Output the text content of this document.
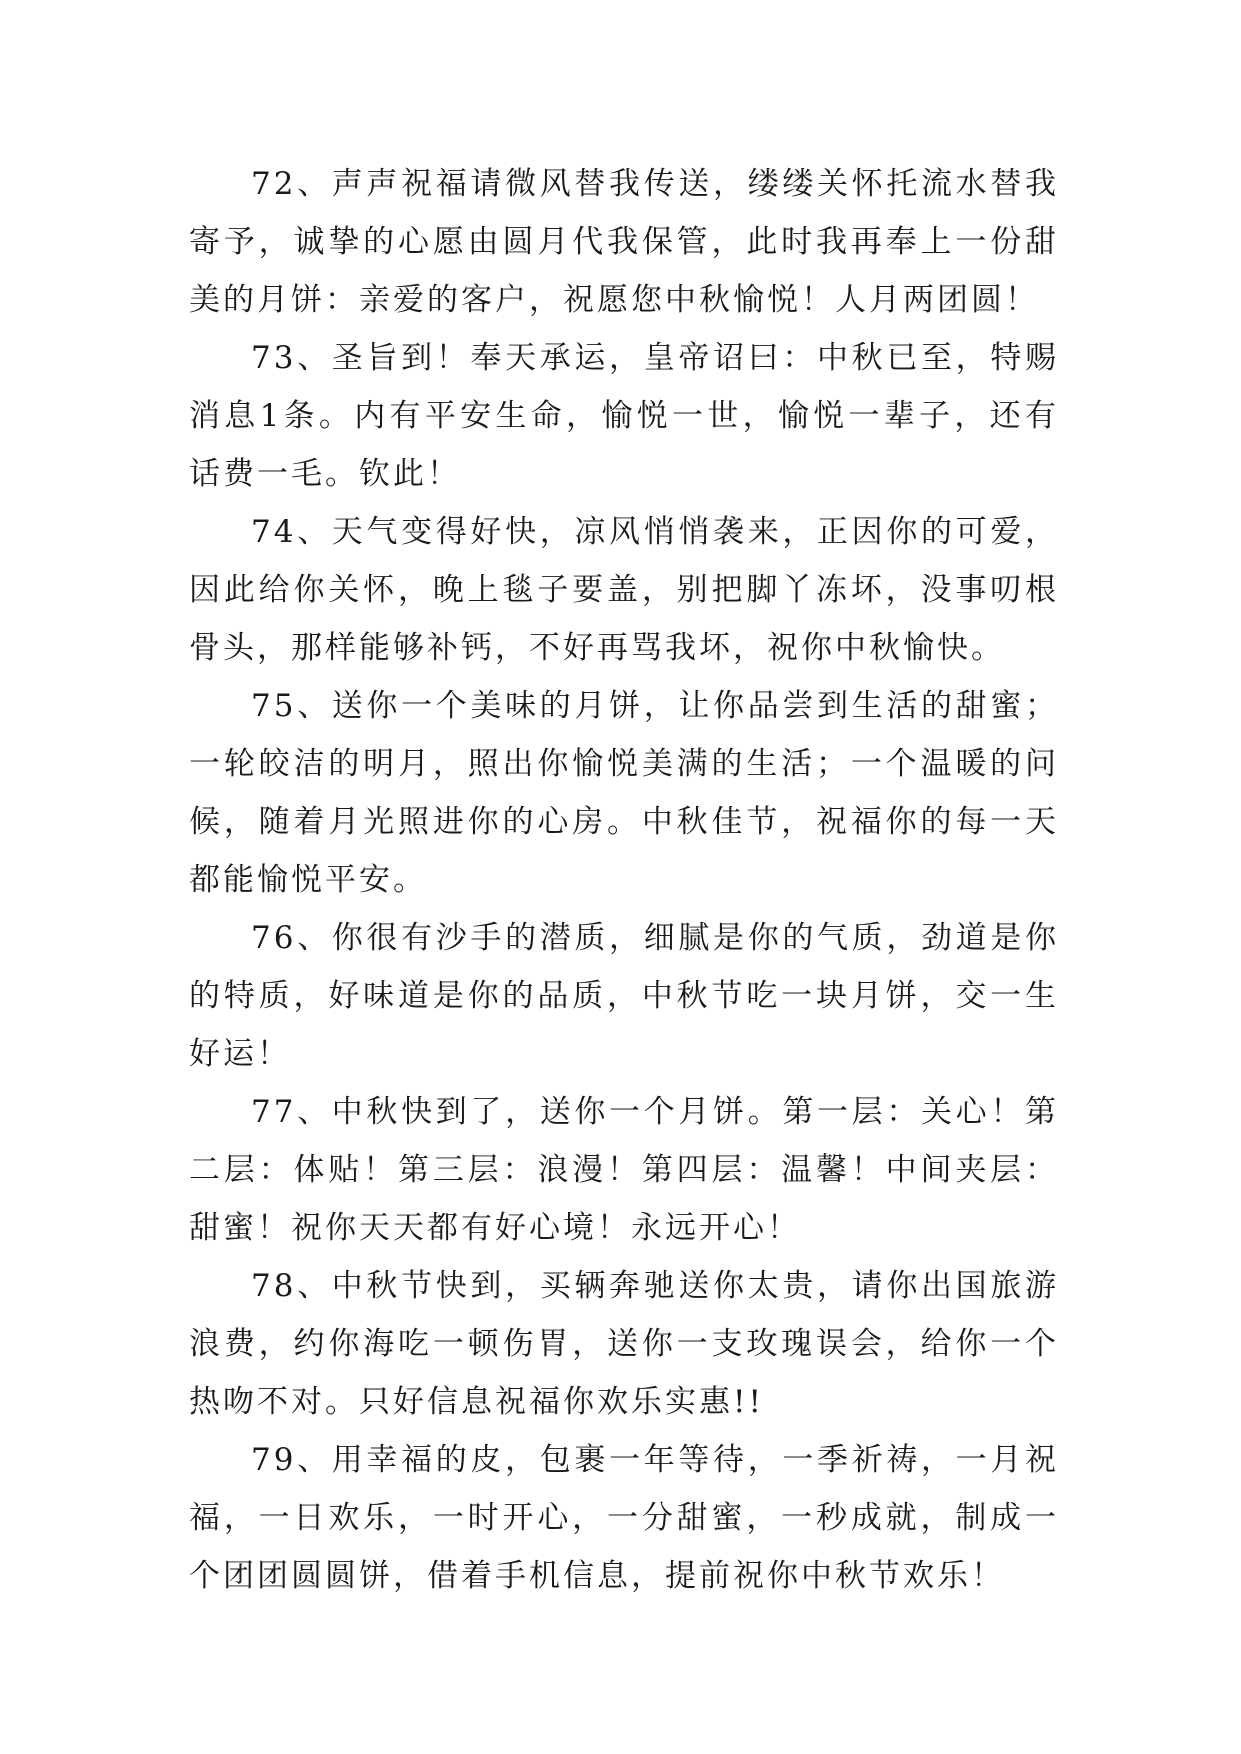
72、声声祝福请微风替我传送，缕缕关怀托流水替我寄予，诚挚的心愿由圆月代我保管，此时我再奉上一份甜美的月饼：亲爱的客户，祝愿您中秋愉悦！人月两团圆！

73、圣旨到！奉天承运，皇帝诏曰：中秋已至，特赐消息1条。内有平安生命，愉悦一世，愉悦一辈子，还有话费一毛。钦此！

74、天气变得好快，凉风悄悄袭来，正因你的可爱，因此给你关怀，晚上毯子要盖，别把脚丫冻坏，没事叨根骨头，那样能够补钙，不好再骂我坏，祝你中秋愉快。

75、送你一个美味的月饼，让你品尝到生活的甜蜜；一轮皎洁的明月，照出你愉悦美满的生活；一个温暖的问候，随着月光照进你的心房。中秋佳节，祝福你的每一天都能愉悦平安。

76、你很有沙手的潜质，细腻是你的气质，劲道是你的特质，好味道是你的品质，中秋节吃一块月饼，交一生好运！

77、中秋快到了，送你一个月饼。第一层：关心！第二层：体贴！第三层：浪漫！第四层：温馨！中间夹层：甜蜜！祝你天天都有好心境！永远开心！

78、中秋节快到，买辆奔驰送你太贵，请你出国旅游浪费，约你海吃一顿伤胃，送你一支玫瑰误会，给你一个热吻不对。只好信息祝福你欢乐实惠!!

79、用幸福的皮，包裹一年等待，一季祈祷，一月祝福，一日欢乐，一时开心，一分甜蜜，一秒成就，制成一个团团圆圆饼，借着手机信息，提前祝你中秋节欢乐！
